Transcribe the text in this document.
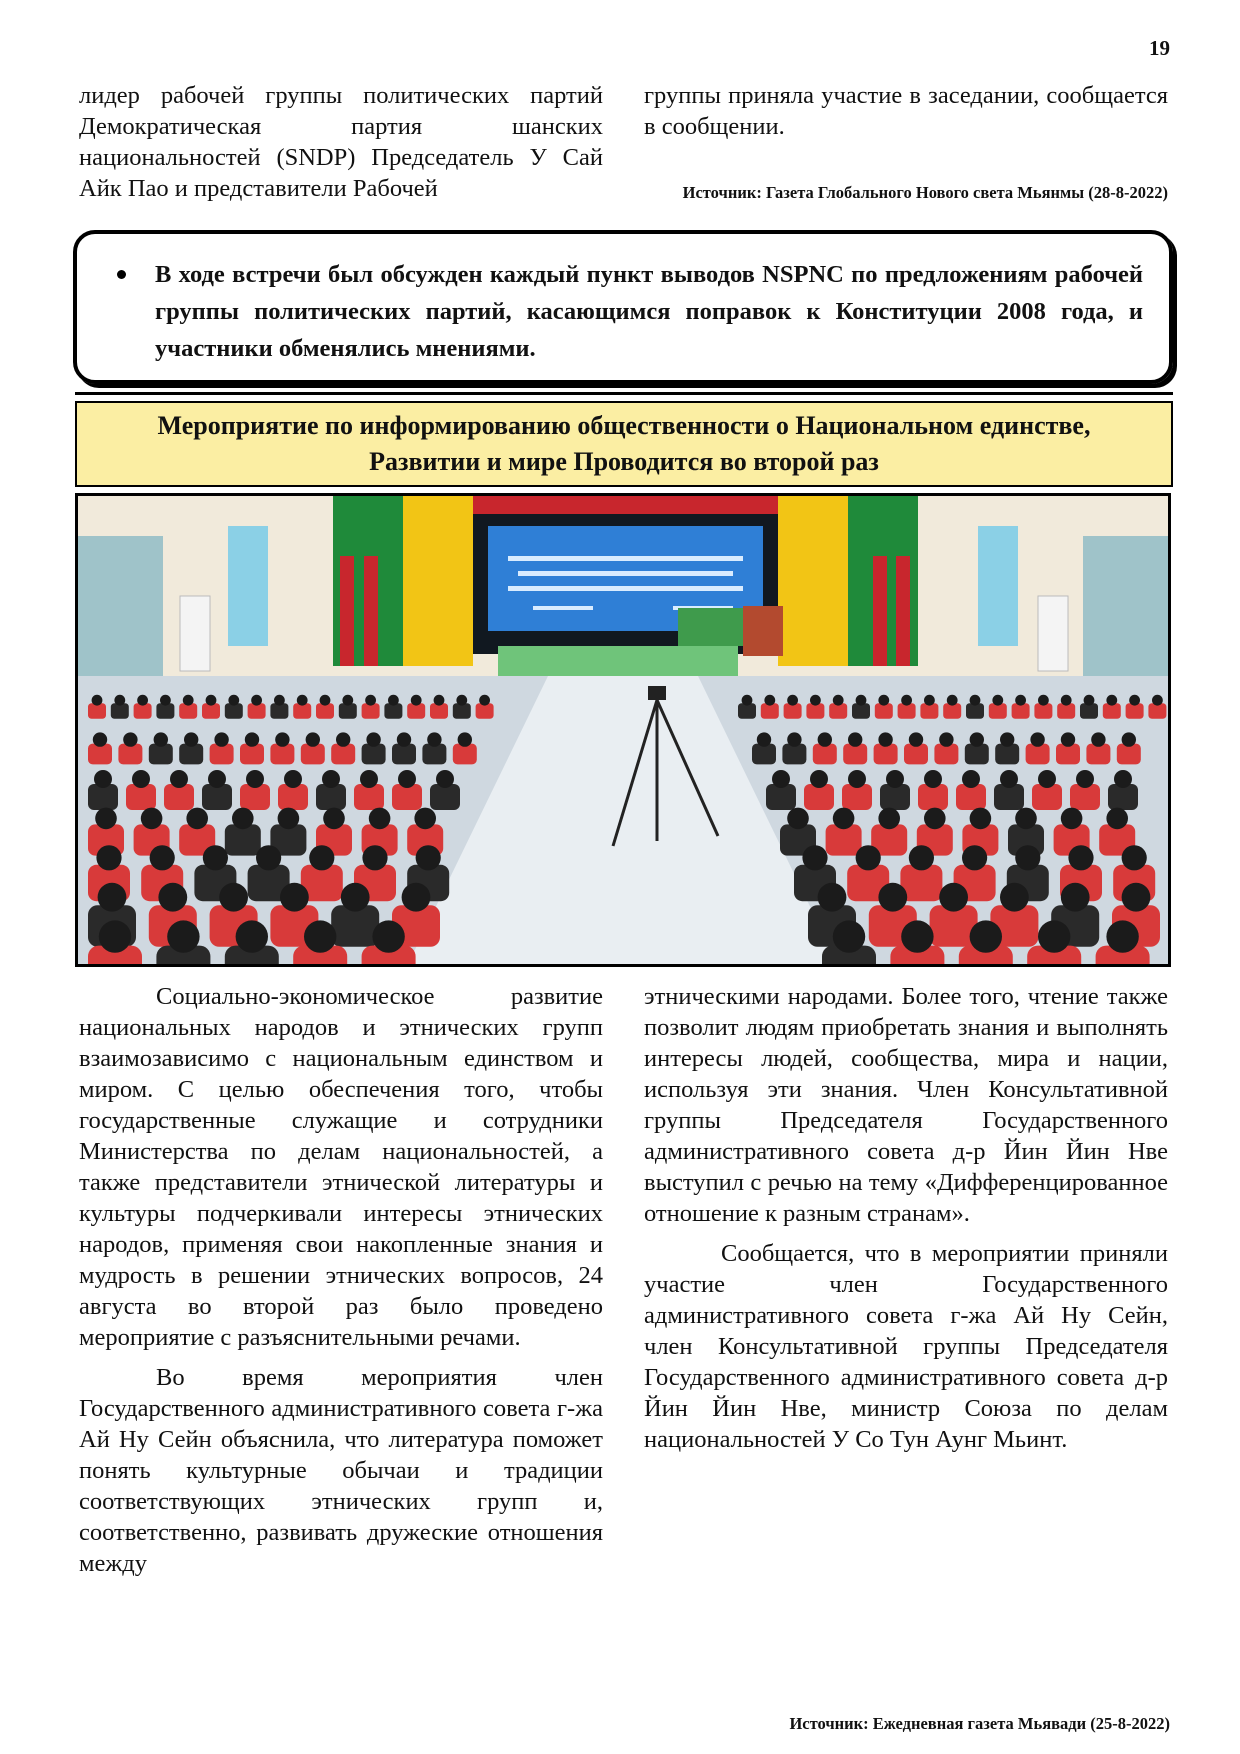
19

лидер рабочей группы политических партий Демократическая партия шанских национальностей (SNDP) Председатель У Сай Айк Пао и представители Рабочей

группы приняла участие в заседании, сообщается в сообщении.

Источник: Газета Глобального Нового света Мьянмы (28-8-2022)
В ходе встречи был обсужден каждый пункт выводов NSPNC по предложениям рабочей группы политических партий, касающимся поправок к Конституции 2008 года, и участники обменялись мнениями.
Мероприятие по информированию общественности о Национальном единстве, Развитии и мире Проводится во второй раз

Социально-экономическое развитие национальных народов и этнических групп взаимозависимо с национальным единством и миром. С целью обеспечения того, чтобы государственные служащие и сотрудники Министерства по делам национальностей, а также представители этнической литературы и культуры подчеркивали интересы этнических народов, применяя свои накопленные знания и мудрость в решении этнических вопросов, 24 августа во второй раз было проведено мероприятие с разъяснительными речами.

Во время мероприятия член Государственного административного совета г-жа Ай Ну Сейн объяснила, что литература поможет понять культурные обычаи и традиции соответствующих этнических групп и, соответственно, развивать дружеские отношения между

этническими народами. Более того, чтение также позволит людям приобретать знания и выполнять интересы людей, сообщества, мира и нации, используя эти знания. Член Консультативной группы Председателя Государственного административного совета д-р Йин Йин Нве выступил с речью на тему «Дифференцированное отношение к разным странам».

Сообщается, что в мероприятии приняли участие член Государственного административного совета г-жа Ай Ну Сейн, член Консультативной группы Председателя Государственного административного совета д-р Йин Йин Нве, министр Союза по делам национальностей У Со Тун Аунг Мьинт.

Источник: Ежедневная газета Мьявади (25-8-2022)
